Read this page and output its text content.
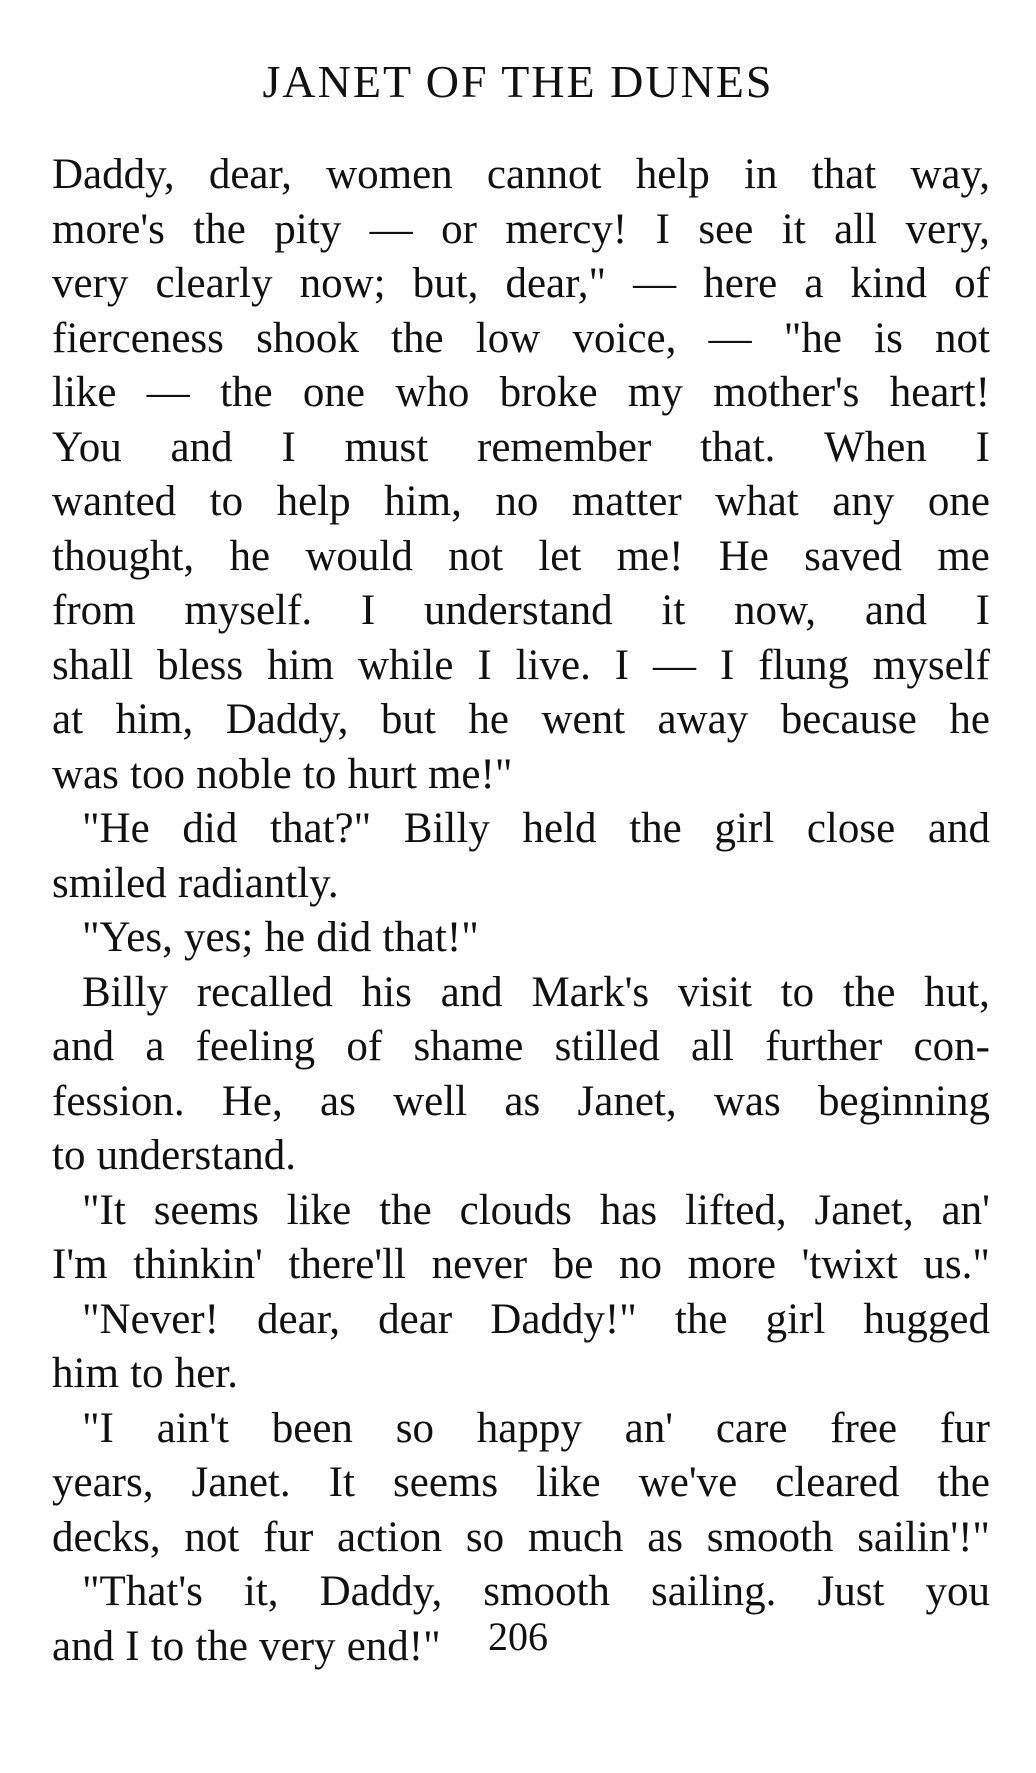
JANET OF THE DUNES
Daddy, dear, women cannot help in that way,
more's the pity — or mercy! I see it all very,
very clearly now; but, dear," — here a kind of
fierceness shook the low voice, — "he is not
like — the one who broke my mother's heart!
You and I must remember that. When I
wanted to help him, no matter what any one
thought, he would not let me! He saved me
from myself. I understand it now, and I
shall bless him while I live. I — I flung myself
at him, Daddy, but he went away because he
was too noble to hurt me!"
"He did that?" Billy held the girl close and
smiled radiantly.
"Yes, yes; he did that!"
Billy recalled his and Mark's visit to the hut,
and a feeling of shame stilled all further con-
fession. He, as well as Janet, was beginning
to understand.
"It seems like the clouds has lifted, Janet, an'
I'm thinkin' there'll never be no more 'twixt us."
"Never! dear, dear Daddy!" the girl hugged
him to her.
"I ain't been so happy an' care free fur
years, Janet. It seems like we've cleared the
decks, not fur action so much as smooth sailin'!"
"That's it, Daddy, smooth sailing. Just you
and I to the very end!"	206
